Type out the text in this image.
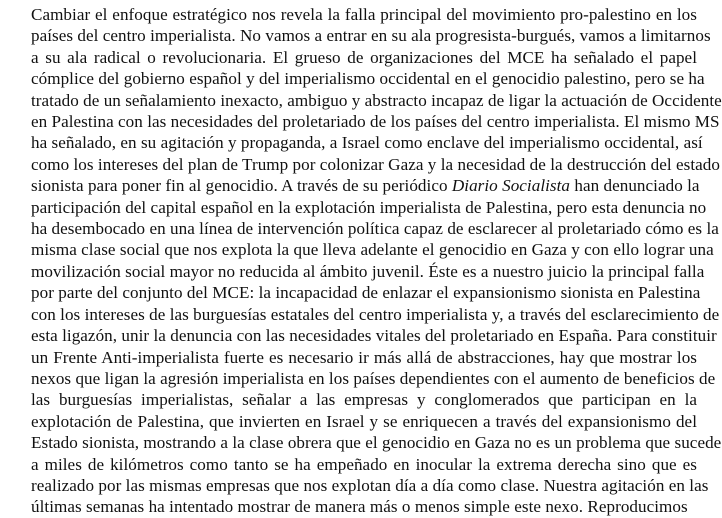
Cambiar el enfoque estratégico nos revela la falla principal del movimiento pro-palestino en los
países del centro imperialista. No vamos a entrar en su ala progresista-burgués, vamos a limitarnos
a su ala radical o revolucionaria. El grueso de organizaciones del MCE ha señalado el papel
cómplice del gobierno español y del imperialismo occidental en el genocidio palestino, pero se ha
tratado de un señalamiento inexacto, ambiguo y abstracto incapaz de ligar la actuación de Occidente
en Palestina con las necesidades del proletariado de los países del centro imperialista. El mismo MS
ha señalado, en su agitación y propaganda, a Israel como enclave del imperialismo occidental, así
como los intereses del plan de Trump por colonizar Gaza y la necesidad de la destrucción del estado
sionista para poner fin al genocidio. A través de su periódico Diario Socialista han denunciado la
participación del capital español en la explotación imperialista de Palestina, pero esta denuncia no
ha desembocado en una línea de intervención política capaz de esclarecer al proletariado cómo es la
misma clase social que nos explota la que lleva adelante el genocidio en Gaza y con ello lograr una
movilización social mayor no reducida al ámbito juvenil. Éste es a nuestro juicio la principal falla
por parte del conjunto del MCE: la incapacidad de enlazar el expansionismo sionista en Palestina
con los intereses de las burguesías estatales del centro imperialista y, a través del esclarecimiento de
esta ligazón, unir la denuncia con las necesidades vitales del proletariado en España. Para constituir
un Frente Anti-imperialista fuerte es necesario ir más allá de abstracciones, hay que mostrar los
nexos que ligan la agresión imperialista en los países dependientes con el aumento de beneficios de
las burguesías imperialistas, señalar a las empresas y conglomerados que participan en la
explotación de Palestina, que invierten en Israel y se enriquecen a través del expansionismo del
Estado sionista, mostrando a la clase obrera que el genocidio en Gaza no es un problema que sucede
a miles de kilómetros como tanto se ha empeñado en inocular la extrema derecha sino que es
realizado por las mismas empresas que nos explotan día a día como clase. Nuestra agitación en las
últimas semanas ha intentado mostrar de manera más o menos simple este nexo. Reproducimos
